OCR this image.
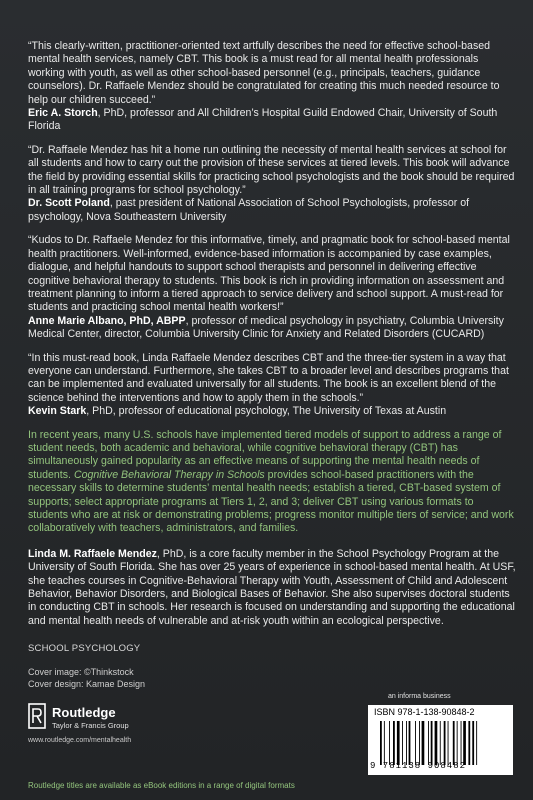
“This clearly-written, practitioner-oriented text artfully describes the need for effective school-based mental health services, namely CBT. This book is a must read for all mental health professionals working with youth, as well as other school-based personnel (e.g., principals, teachers, guidance counselors). Dr. Raffaele Mendez should be congratulated for creating this much needed resource to help our children succeed.”
Eric A. Storch, PhD, professor and All Children’s Hospital Guild Endowed Chair, University of South Florida
“Dr. Raffaele Mendez has hit a home run outlining the necessity of mental health services at school for all students and how to carry out the provision of these services at tiered levels. This book will advance the field by providing essential skills for practicing school psychologists and the book should be required in all training programs for school psychology.”
Dr. Scott Poland, past president of National Association of School Psychologists, professor of psychology, Nova Southeastern University
“Kudos to Dr. Raffaele Mendez for this informative, timely, and pragmatic book for school-based mental health practitioners. Well-informed, evidence-based information is accompanied by case examples, dialogue, and helpful handouts to support school therapists and personnel in delivering effective cognitive behavioral therapy to students. This book is rich in providing information on assessment and treatment planning to inform a tiered approach to service delivery and school support. A must-read for students and practicing school mental health workers!”
Anne Marie Albano, PhD, ABPP, professor of medical psychology in psychiatry, Columbia University Medical Center, director, Columbia University Clinic for Anxiety and Related Disorders (CUCARD)
“In this must-read book, Linda Raffaele Mendez describes CBT and the three-tier system in a way that everyone can understand. Furthermore, she takes CBT to a broader level and describes programs that can be implemented and evaluated universally for all students. The book is an excellent blend of the science behind the interventions and how to apply them in the schools.”
Kevin Stark, PhD, professor of educational psychology, The University of Texas at Austin
In recent years, many U.S. schools have implemented tiered models of support to address a range of student needs, both academic and behavioral, while cognitive behavioral therapy (CBT) has simultaneously gained popularity as an effective means of supporting the mental health needs of students. Cognitive Behavioral Therapy in Schools provides school-based practitioners with the necessary skills to determine students’ mental health needs; establish a tiered, CBT-based system of supports; select appropriate programs at Tiers 1, 2, and 3; deliver CBT using various formats to students who are at risk or demonstrating problems; progress monitor multiple tiers of service; and work collaboratively with teachers, administrators, and families.
Linda M. Raffaele Mendez, PhD, is a core faculty member in the School Psychology Program at the University of South Florida. She has over 25 years of experience in school-based mental health. At USF, she teaches courses in Cognitive-Behavioral Therapy with Youth, Assessment of Child and Adolescent Behavior, Behavior Disorders, and Biological Bases of Behavior. She also supervises doctoral students in conducting CBT in schools. Her research is focused on understanding and supporting the educational and mental health needs of vulnerable and at-risk youth within an ecological perspective.
SCHOOL PSYCHOLOGY
Cover image: ©Thinkstock
Cover design: Kamae Design
Routledge
Taylor & Francis Group
www.routledge.com/mentalhealth
an informa business
ISBN 978-1-138-90848-2
9 781138 908482
Routledge titles are available as eBook editions in a range of digital formats
